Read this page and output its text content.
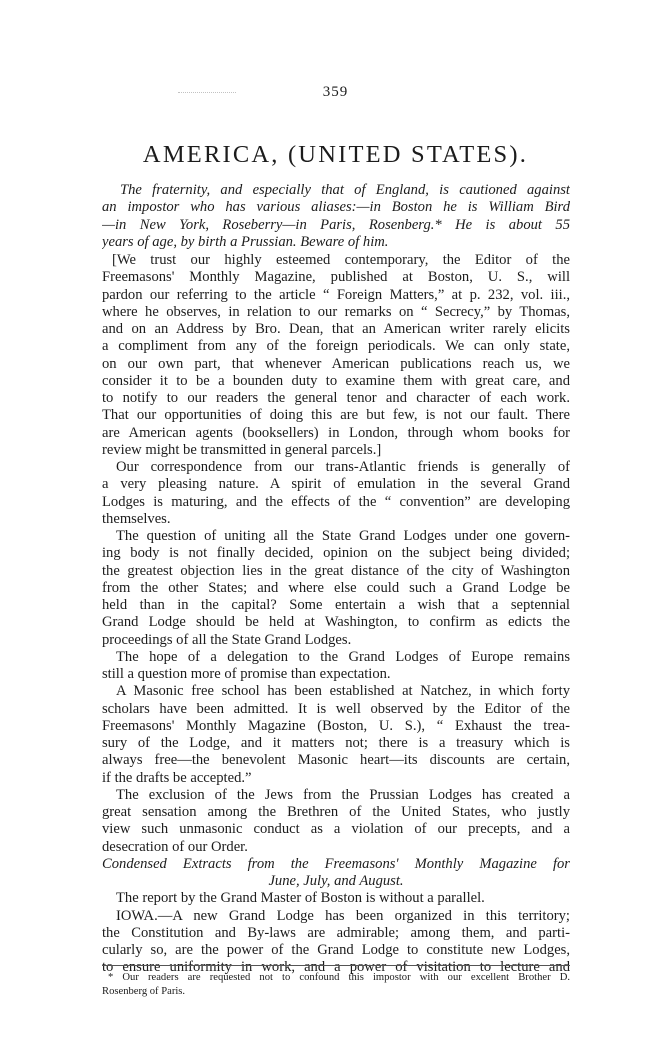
359
AMERICA, (UNITED STATES).
The fraternity, and especially that of England, is cautioned against
an impostor who has various aliases:—in Boston he is William Bird
—in New York, Roseberry—in Paris, Rosenberg.* He is about 55
years of age, by birth a Prussian. Beware of him.
[We trust our highly esteemed contemporary, the Editor of the
Freemasons' Monthly Magazine, published at Boston, U. S., will
pardon our referring to the article “ Foreign Matters,” at p. 232, vol. iii.,
where he observes, in relation to our remarks on “ Secrecy,” by Thomas,
and on an Address by Bro. Dean, that an American writer rarely elicits
a compliment from any of the foreign periodicals. We can only state,
on our own part, that whenever American publications reach us, we
consider it to be a bounden duty to examine them with great care, and
to notify to our readers the general tenor and character of each work.
That our opportunities of doing this are but few, is not our fault. There
are American agents (booksellers) in London, through whom books for
review might be transmitted in general parcels.]
Our correspondence from our trans-Atlantic friends is generally of
a very pleasing nature. A spirit of emulation in the several Grand
Lodges is maturing, and the effects of the “ convention” are developing
themselves.
The question of uniting all the State Grand Lodges under one govern-
ing body is not finally decided, opinion on the subject being divided;
the greatest objection lies in the great distance of the city of Washington
from the other States; and where else could such a Grand Lodge be
held than in the capital? Some entertain a wish that a septennial
Grand Lodge should be held at Washington, to confirm as edicts the
proceedings of all the State Grand Lodges.
The hope of a delegation to the Grand Lodges of Europe remains
still a question more of promise than expectation.
A Masonic free school has been established at Natchez, in which forty
scholars have been admitted. It is well observed by the Editor of the
Freemasons' Monthly Magazine (Boston, U. S.), “ Exhaust the trea-
sury of the Lodge, and it matters not; there is a treasury which is
always free—the benevolent Masonic heart—its discounts are certain,
if the drafts be accepted.”
The exclusion of the Jews from the Prussian Lodges has created a
great sensation among the Brethren of the United States, who justly
view such unmasonic conduct as a violation of our precepts, and a
desecration of our Order.
Condensed Extracts from the Freemasons' Monthly Magazine for
June, July, and August.
The report by the Grand Master of Boston is without a parallel.
IOWA.—A new Grand Lodge has been organized in this territory;
the Constitution and By-laws are admirable; among them, and parti-
cularly so, are the power of the Grand Lodge to constitute new Lodges,
to ensure uniformity in work, and a power of visitation to lecture and
* Our readers are requested not to confound this impostor with our excellent Brother D.
Rosenberg of Paris.
